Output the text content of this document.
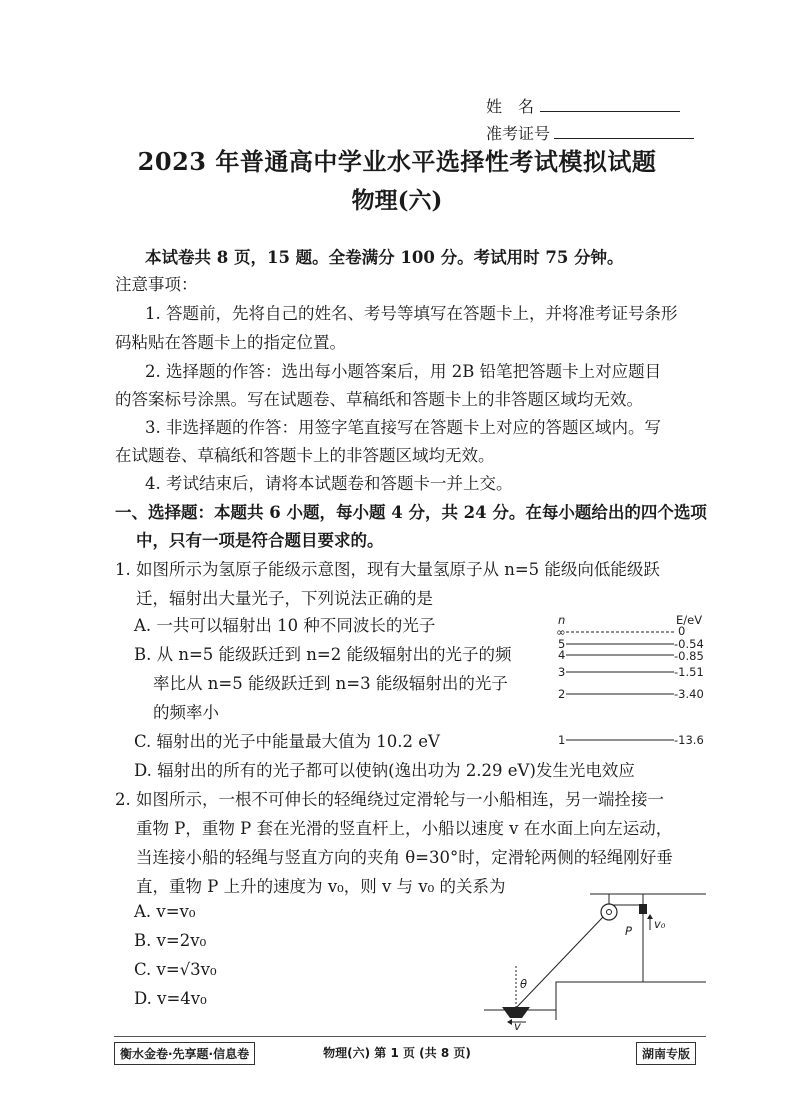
姓　名
准考证号
2023 年普通高中学业水平选择性考试模拟试题
物理(六)
本试卷共 8 页，15 题。全卷满分 100 分。考试用时 75 分钟。
注意事项：
1. 答题前，先将自己的姓名、考号等填写在答题卡上，并将准考证号条形
码粘贴在答题卡上的指定位置。
2. 选择题的作答：选出每小题答案后，用 2B 铅笔把答题卡上对应题目
的答案标号涂黑。写在试题卷、草稿纸和答题卡上的非答题区域均无效。
3. 非选择题的作答：用签字笔直接写在答题卡上对应的答题区域内。写
在试题卷、草稿纸和答题卡上的非答题区域均无效。
4. 考试结束后，请将本试题卷和答题卡一并上交。
一、选择题：本题共 6 小题，每小题 4 分，共 24 分。在每小题给出的四个选项
中，只有一项是符合题目要求的。
1. 如图所示为氢原子能级示意图，现有大量氢原子从 n=5 能级向低能级跃
迁，辐射出大量光子，下列说法正确的是
A. 一共可以辐射出 10 种不同波长的光子
B. 从 n=5 能级跃迁到 n=2 能级辐射出的光子的频
率比从 n=5 能级跃迁到 n=3 能级辐射出的光子
的频率小
C. 辐射出的光子中能量最大值为 10.2 eV
D. 辐射出的所有的光子都可以使钠(逸出功为 2.29 eV)发生光电效应
n	E/eV
∞
5
4
3
2
1
0
-0.54
-0.85
-1.51
-3.40
-13.6
2. 如图所示，一根不可伸长的轻绳绕过定滑轮与一小船相连，另一端拴接一
重物 P，重物 P 套在光滑的竖直杆上，小船以速度 v 在水面上向左运动，
当连接小船的轻绳与竖直方向的夹角 θ=30°时，定滑轮两侧的轻绳刚好垂
直，重物 P 上升的速度为 v₀，则 v 与 v₀ 的关系为
A. v=v₀
B. v=2v₀
C. v=√3v₀
D. v=4v₀
P v₀
θ
v
衡水金卷·先享题·信息卷	物理(六) 第 1 页 (共 8 页)	湖南专版
